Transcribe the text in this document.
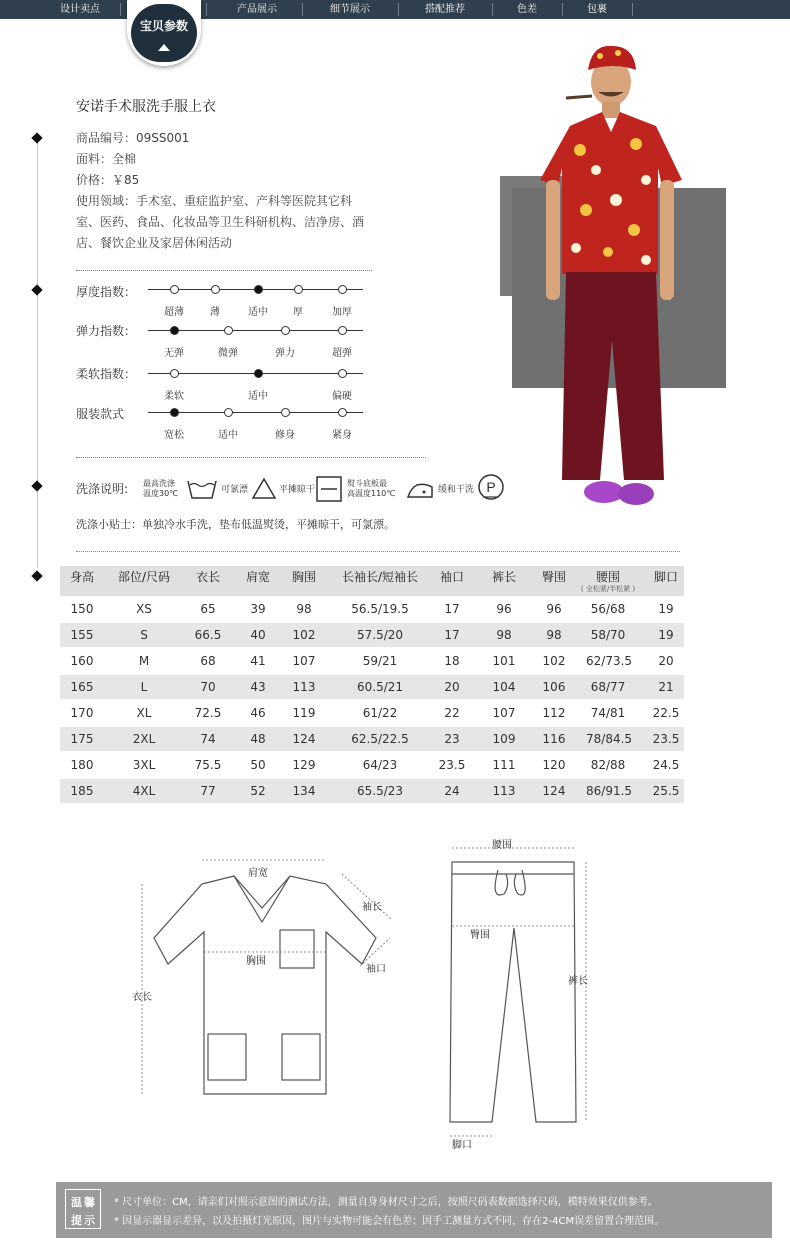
设计卖点	产品展示	细节展示	搭配推荐	色差	包裹
宝贝参数
安诺手术服洗手服上衣
商品编号：09SS001
面料：全棉
价格：￥85
使用领域：手术室、重症监护室、产科等医院其它科室、医药、食品、化妆品等卫生科研机构、洁净房、酒店、餐饮企业及家居休闲活动
厚度指数：
超薄	薄	适中	厚	加厚
弹力指数：
无弹	微弹	弹力	超弹
柔软指数：
柔软	适中	偏硬
服装款式
宽松	适中	修身	紧身
洗涤说明: 最高洗涤
温度30℃	可氯漂	平摊晾干
熨斗底板最
高温度110℃	缓和干洗 P
洗涤小贴士：单独冷水手洗，垫布低温熨烫，平摊晾干，可氯漂。
身高	部位/尺码	衣长	肩宽	胸围	长袖长/短袖长	袖口	裤长	臀围	腰围	脚口
( 全松紧/半松紧 )
150	XS	65	39	98	56.5/19.5	17	96	96	56/68	19
155	S	66.5	40	102	57.5/20	17	98	98	58/70	19
160	M	68	41	107	59/21	18	101	102	62/73.5	20
165	L	70	43	113	60.5/21	20	104	106	68/77	21
170	XL	72.5	46	119	61/22	22	107	112	74/81	22.5
175	2XL	74	48	124	62.5/22.5	23	109	116	78/84.5	23.5
180	3XL	75.5	50	129	64/23	23.5	111	120	82/88	24.5
185	4XL	77	52	134	65.5/23	24	113	124	86/91.5	25.5
肩宽
袖长
胸围
袖口
衣长
腰围
臀围
裤长
脚口
温馨
提示
* 尺寸单位：CM，请亲们对照示意图的测试方法，测量自身身材尺寸之后，按照尺码表数据选择尺码，模特效果仅供参考。
* 因显示器显示差异，以及拍摄灯光原因，图片与实物可能会有色差；因手工测量方式不同，存在2-4CM误差留置合理范围。
